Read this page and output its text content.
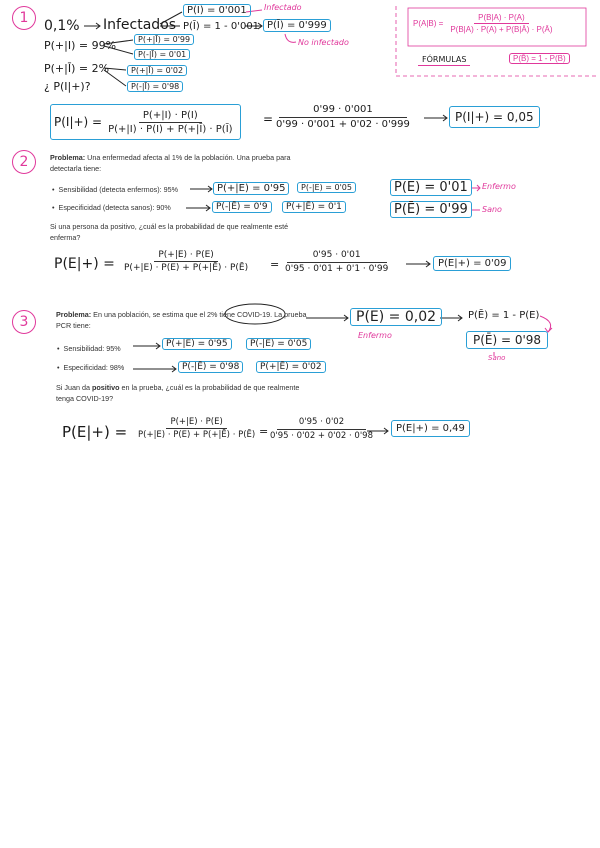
1	0,1% Infectados
P(I) = 0'001	Infectado
P(Ī) = 1 - 0'001 P(Ī) = 0'999
No infectado
P(+|I) = 99%	P(+|Ī) = 0'99
P(-|Ī) = 0'01
P(+|Ī) = 2%	P(+|Ī) = 0'02
P(-|Ī) = 0'98
¿ P(I|+)?
$P(I|+) = \frac{P(+|I) \cdot P(I)}{P(+|I) \cdot P(I) + P(+|Ī) \cdot P(Ī)}$ =
$\frac{0'99 \cdot 0'001}{0'99 \cdot 0'001 + 0'02 \cdot 0'999}$	P(I|+) = 0,05
$P(A|B) = \frac{P(B|A) \cdot P(A)}{P(B|A) \cdot P(A) + P(B|Ā) \cdot P(Ā)}$
FÓRMULAS	P(B̄) = 1 - P(B)
2	Problema: Una enfermedad afecta al 1% de la población. Una prueba para detectarla tiene:
• Sensibilidad (detecta enfermos): 95%
• Especificidad (detecta sanos): 90%
Si una persona da positivo, ¿cuál es la probabilidad de que realmente esté enferma?
P(+|E) = 0'95	P(-|E) = 0'05
P(-|Ē) = 0'9	P(+|Ē) = 0'1
P(E) = 0'01	Enfermo
P(Ē) = 0'99	Sano
$P(E|+) = \frac{P(+|E) \cdot P(E)}{P(+|E) \cdot P(E) + P(+|Ē) \cdot P(Ē)} = \frac{0'95 \cdot 0'01}{0'95 \cdot 0'01 + 0'1 \cdot 0'99}$	P(E|+) = 0'09
3	Problema: En una población, se estima que el 2% tiene COVID-19. La prueba PCR tiene:
• Sensibilidad: 95%
• Especificidad: 98%
Si Juan da positivo en la prueba, ¿cuál es la probabilidad de que realmente tenga COVID-19?
P(E) = 0,02
Enfermo
P(Ē) = 1 - P(E)
P(Ē) = 0'98
Sano
P(+|E) = 0'95	P(-|E) = 0'05
P(-|Ē) = 0'98	P(+|Ē) = 0'02
$P(E|+) = \frac{P(+|E) \cdot P(E)}{P(+|E) \cdot P(E) + P(+|Ē) \cdot P(Ē)}$ =
$\frac{0'95 \cdot 0'02}{0'95 \cdot 0'02 + 0'02 \cdot 0'98}$	P(E|+) = 0,49
